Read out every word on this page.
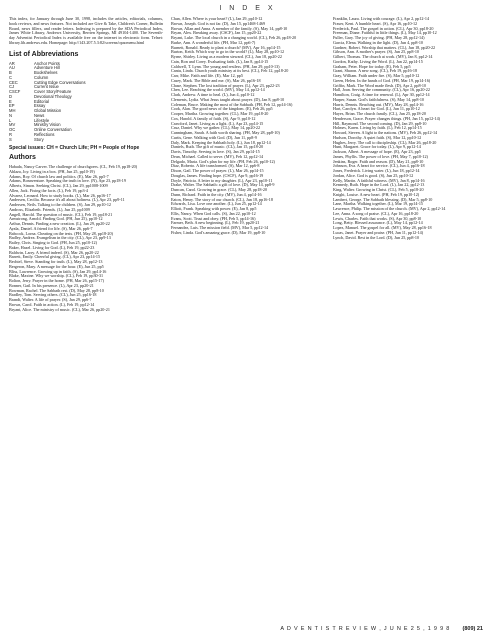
I N D E X
This index, for January through June 30, 1998, includes the articles, editorials, columns, book reviews, and news features. Not included are Give & Take, Children's Corner, Bulletin Board, news fillers, and reader letters. Indexing is prepared by the SDA Periodical Index, James White Library, Andrews University, Berrien Springs, MI 49104-1400. The Seventh-day Adventist Periodical Index is available free on the internet in electronic form. Telnet: library.lib.andrews.edu. Homepage: http://143.207.5.3:82/screens/opacmenu.html
List of Abbreviations
AR	Anchor Points
AU	Adventure Hill
B	Bookshelves
C	Column
CEC	Cutting Edge Conversations
CJ	Current Issue
CSCF	Cover Story/Feature
D	Devotional Theology
E	Editorial
EP	Essay
MH	Global Mission
N	News
L	Lifestyle
MV	Ministry Vision
OC	Online Conversation
R	Reflections
S	Story
Special issues: CH = Church Life; PH = People of Hope
Authors
Habada, Nancy Carver. The challenge of churchgoers. (CL, Feb 19, pp18-20)
Ablaza, Joy. Living in a box. (PH, Jun 25, pp10-19)
Adams, Roy. Of church law and politics. (E), Mar 26, pp5-7
Adams, Bonaventure. Speaking the truth in love. (N), Apr 23, pp18-19
Alberts, Simon. Seeking Christ. (CL), Jan 29, pp1008-1009
Allen, Jack. Fixing the facts. (L), Feb 19, pp3-4
Alvarez, Leonard. How to study books. (L), Mar 26, pp16-17
Andersen, Cecilia. Because it's all about holiness. (L), Apr 23, pp9-11
Andersen, Neils. Talking to the children. (S), Jan 29, pp10-12
Andross, Elizabeth. Friends. (L), Jun 25, pp1009
Angell, Harold. The question of music. (CL), Feb 19, pp18-21
Armstrong, Arnold. Finding God. (PH, Jun 25), pp10-12
Arthur, Dennis. Finding a new creation. (L), Jan 29, pp20-22
Ayala, Daniel. A friend for life. (S), Mar 26, pp6-7
Babcock, Lorna. Cheating on the tests. (PH, May 28, pp18-20)
Badley, Andrea. Evangelism in the city. (CL), Apr 23, pp9-13
Bailey, Chris. Singing to God. (PH, Jun 25, pp10-12)
Baker, Hazel. Living for God. (L), Feb 19, pp22-23
Baldwin, Larry. A friend indeed. (S), Mar 26, pp20-22
Barrett, Emily. Cheerful giving. (CL), Apr 23, pp14-15
Bechtel, Steve. Standing for truth. (L), May 28, pp12-13
Bergeron, Mary. A message for the hour. (E), Jun 25, pp5
Bliss, Lawrence. Growing up in faith. (S), Jan 29, pp14-16
Blake, Maxine. Why we worship. (CL), Feb 19, pp30-31
Bolton, Jerry. Prayer in the home. (PH, Mar 26, pp15-17)
Bonner, Gail. In his presence. (L), Apr 23, pp20-21
Bowman, Rachel. The Sabbath rest. (D), May 28, pp8-10
Bradley, Tom. Serving others. (CL), Jun 25, pp16-18
Brandt, Walter. A life of prayer. (S), Jan 29, pp6-7
Brown, Carol. Faith in action. (L), Feb 19, pp12-14
Bryant, Alice. The ministry of music. (CL), Mar 26, pp20-21
Chan, Allen. Where is your heart? (L), Jan 29, pp10-12
Brown, Joseph. God is not far. (D), Jan 15, pp1468-1469
Brown, Allan and Anna. A member of the family. (S), May 14, pp8-10
Bryan, Alex. Breaking away. (CSCF), Jan 15, pp20-22
Bryant, Luke. The local church in a changing world. (CL), Feb 26, pp18-20
Burke, Ann. A wonderful life. (PH, Mar 12, pp6-7)
Burnett, Ronald. Ready to plant a church? (MV), Apr 16, pp14-15
Burton, Keith. Which way to go in the world? (L), May 28, pp10-12
Byrne, Shirley. Living as a modern steward. (CL), Jun 18, pp20-22
Cain, Ron and Corey. Evaluating faith. (L), Jan 8, pp14-15
Caldwell, T. Lynn. The young and restless. (PH, Jan 29, pp10-13)
Cantu, Linda. Church youth ministry at its best. (CL), Feb 12, pp18-20
Carr, Mike. Faith and life. (E), Mar 12, pp5
Casey, Mark. The Bible and me. (S), Mar 26, pp16-18
Chase, Stephen. The lost tradition of prayer. (L), Apr 23, pp22-23
Chen, Lee. Reaching the world. (MV), May 14, pp12-14
Clark, Andrew. A time to heal. (L), Jun 4, pp10-12
Clements, Lydia. What Jesus taught about prayer. (D), Jan 8, pp8-10
Coleman, Bruce. Making the most of the Sabbath. (PH, Feb 12, pp14-16)
Cook, Alan. The good news of the kingdom. (E), Feb 26, pp5
Cooper, Martha. Growing together. (CL), Mar 19, pp18-20
Cox, Harold. A family of faith. (S), Apr 9, pp10-12
Crawford, Janet. Living as a light. (L), Apr 23, pp14-15
Cruz, Daniel. Why we gather. (CL), May 14, pp20-22
Cunningham, Sarah. A faith worth sharing. (PH, May 28, pp8-10)
Curtis, Gene. Walking with God. (D), Jun 11, pp8-9
Daly, Mark. Keeping the Sabbath holy. (L), Jun 18, pp12-14
Daniels, Ruth. The gift of music. (CL), Jan 15, pp18-20
Davis, Timothy. Serving in love. (S), Jan 29, pp14-15
Dean, Michael. Called to serve. (MV), Feb 12, pp12-14
Delgado, Maria. God's plan for my life. (PH, Feb 26, pp10-12)
Diaz, Roberto. A life transformed. (S), Mar 12, pp6-8
Dixon, Gail. The power of prayer. (L), Mar 26, pp14-15
Douglas, James. Finding hope. (CSCF), Apr 9, pp16-19
Doyle, Patricia. A letter to my daughter. (L), Apr 23, pp10-11
Drake, Walter. The Sabbath: a gift of love. (D), May 14, pp8-9
Duncan, Carol. Growing in grace. (CL), May 28, pp18-20
Dunn, Richard. Faith in the city. (MV), Jun 4, pp14-16
Eaton, Henry. The story of our church. (CL), Jun 18, pp16-18
Edwards, Lisa. Love one another. (L), Jun 25, pp12-14
Elliott, Frank. Speaking with power. (E), Jan 8, pp5
Ellis, Nancy. When God calls. (S), Jan 22, pp10-12
Evans, Scott. Trust and obey. (PH, Feb 5, pp14-16)
Farmer, Beth. A new beginning. (L), Feb 19, pp20-21
Fernandez, Luis. The mission field. (MV), Mar 5, pp12-14
Fisher, Linda. God's amazing grace. (D), Mar 19, pp8-10
Franklin, Laura. Living with courage. (L), Apr 2, pp12-14
Fraser, Kent. A humble heart. (S), Apr 16, pp10-12
Frederick, Paul. The gospel in action. (CL), Apr 30, pp18-20
Freeman, Diane. Faithful in little things. (L), May 14, pp10-12
Fuller, Gary. The joy of giving. (PH, May 28, pp12-14)
Garcia, Elena. Walking in the light. (D), Jun 4, pp8-10
Gardner, Robert. Worship that matters. (CL), Jun 18, pp20-22
Gibson, Ann. A mother's prayer. (S), Jun 25, pp8-10
Gilbert, Thomas. The church at work. (MV), Jan 8, pp12-14
Gordon, Kathy. Living the Word. (L), Jan 22, pp14-15
Graham, Peter. Hope for today. (E), Feb 5, pp5
Grant, Sharon. A new song. (CL), Feb 19, pp16-18
Gray, William. Faith under fire. (S), Mar 5, pp10-12
Green, Helen. In the hands of God. (PH, Mar 19, pp14-16)
Griffin, Mark. The Word made flesh. (D), Apr 2, pp8-10
Hall, Joan. Serving the community. (CL), Apr 16, pp20-22
Hamilton, Craig. A time for renewal. (L), Apr 30, pp12-14
Harper, Susan. God's faithfulness. (S), May 14, pp8-10
Harris, Dennis. Reaching out. (MV), May 28, pp14-16
Hart, Carolyn. A heart for God. (L), Jun 11, pp10-12
Hayes, Brian. The church family. (CL), Jun 25, pp18-20
Henderson, Grace. Prayer changes things. (PH, Jan 15, pp12-14)
Hill, Raymond. The second coming. (D), Jan 29, pp8-10
Holmes, Karen. Living by faith. (L), Feb 12, pp14-15
Howard, Steven. A light to the nations. (MV), Feb 26, pp12-14
Hudson, Dorothy. A quiet faith. (S), Mar 12, pp10-12
Hughes, Jerry. The call to discipleship. (CL), Mar 26, pp18-20
Hunt, Margaret. Grace for today. (L), Apr 9, pp12-14
Jackson, Albert. A message of hope. (E), Apr 23, pp5
James, Phyllis. The power of love. (PH, May 7, pp10-12)
Jenkins, Roger. Faith and reason. (D), May 21, pp8-10
Johnson, Eva. A heart for service. (CL), Jun 4, pp16-18
Jones, Frederick. Living water. (L), Jun 18, pp12-14
Jordan, Alice. God is good. (S), Jun 25, pp10-12
Kelly, Martin. A faithful witness. (MV), Jan 8, pp14-16
Kennedy, Ruth. Hope in the Lord. (L), Jan 22, pp12-13
King, Walter. Growing in Christ. (CL), Feb 5, pp18-20
Knight, Louise. A new heart. (PH, Feb 19, pp10-12)
Lambert, George. The Sabbath blessing. (D), Mar 5, pp8-10
Lane, Martha. Walking together. (L), Mar 19, pp14-15
Lawrence, Philip. The mission of the church. (MV), Apr 2, pp12-14
Lee, Anna. A song of praise. (CL), Apr 16, pp18-20
Lewis, Charles. Faith that works. (S), Apr 30, pp8-10
Long, Betty. Blessed assurance. (L), May 14, pp12-14
Lopez, Manuel. The gospel for all. (MV), May 28, pp16-18
Lucas, Janet. Prayer and praise. (PH, Jun 11, pp12-14)
Lynch, David. Rest in the Lord. (D), Jun 25, pp8-10
A D V E N T I S T R E V I E W , J U N E 2 5 , 1 9 9 8 (809) 21
